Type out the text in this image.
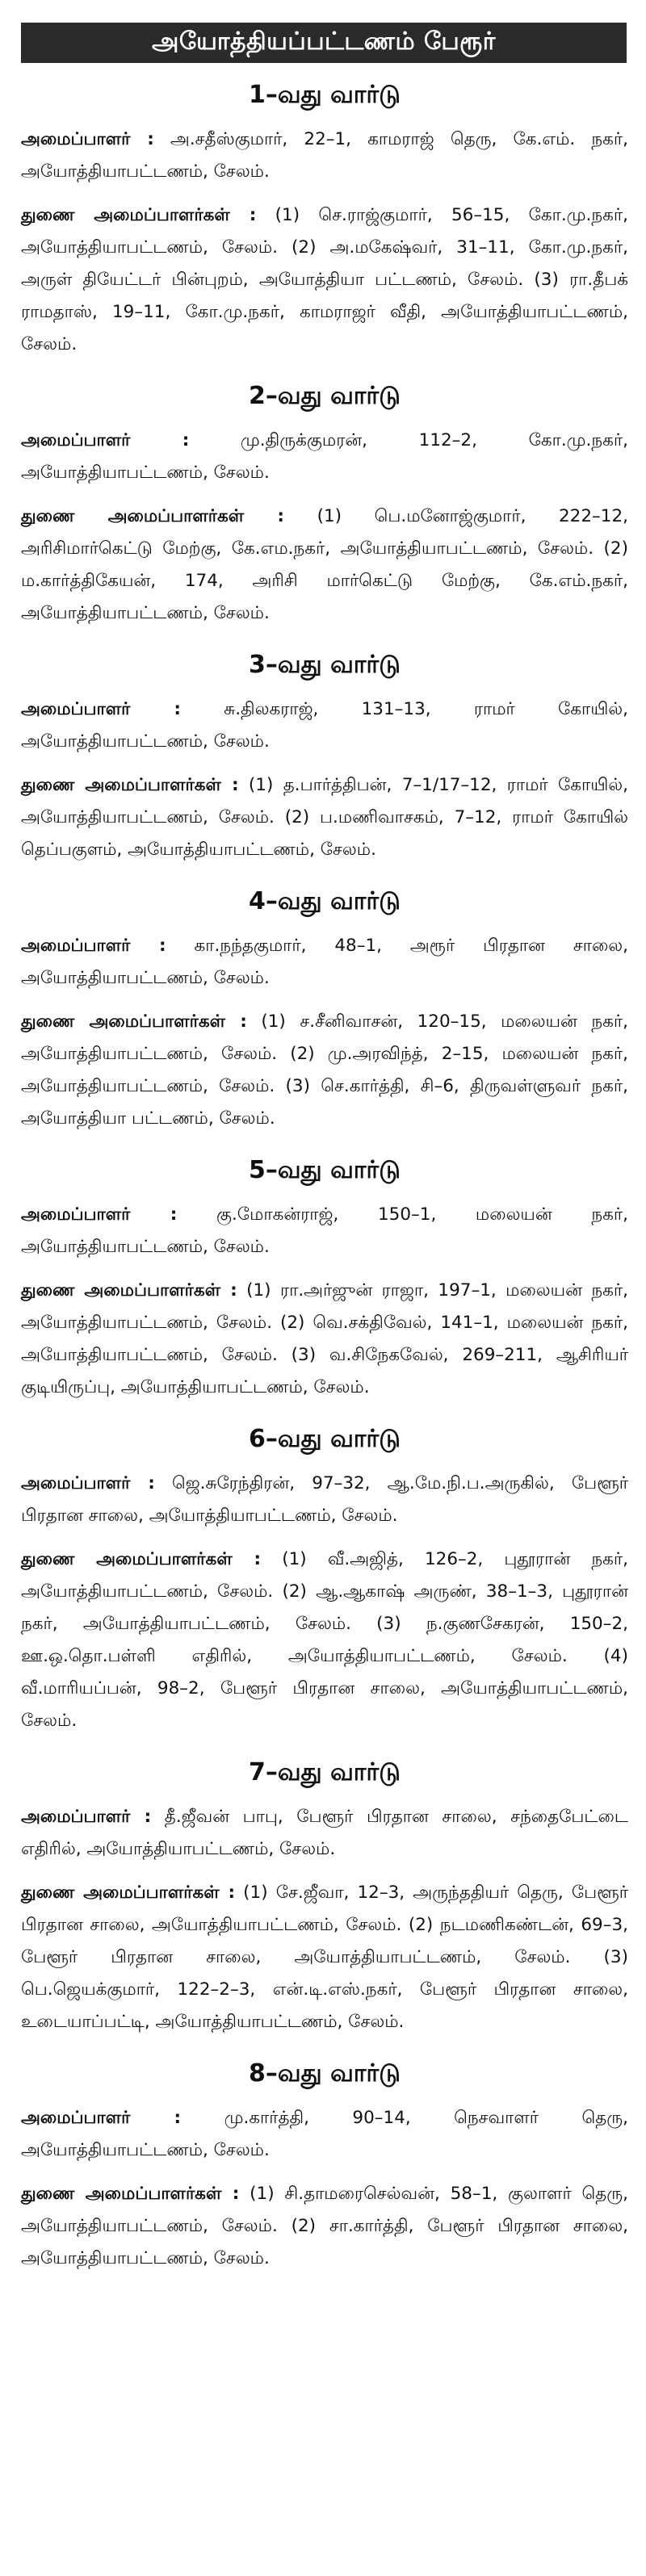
அயோத்தியப்பட்டணம் பேரூர்
1–வது வார்டு

அமைப்பாளர் : அ.சதீஸ்குமார், 22–1, காமராஜ் தெரு, கே.எம். நகர், அயோத்தியாபட்டணம், சேலம்.

துணை அமைப்பாளர்கள் : (1) செ.ராஜ்குமார், 56–15, கோ.மு.நகர், அயோத்தியாபட்டணம், சேலம். (2) அ.மகேஷ்வர், 31–11, கோ.மு.நகர், அருள் தியேட்டர் பின்புறம், அயோத்தியா பட்டணம், சேலம். (3) ரா.தீபக் ராமதாஸ், 19–11, கோ.மு.நகர், காமராஜர் வீதி, அயோத்தியாபட்டணம், சேலம்.

2–வது வார்டு

அமைப்பாளர் : மு.திருக்குமரன், 112–2, கோ.மு.நகர், அயோத்தியாபட்டணம், சேலம்.

துணை அமைப்பாளர்கள் : (1) பெ.மனோஜ்குமார், 222–12, அரிசிமார்கெட்டு மேற்கு, கே.எம.நகர், அயோத்தியாபட்டணம், சேலம். (2) ம.கார்த்திகேயன், 174, அரிசி மார்கெட்டு மேற்கு, கே.எம்.நகர், அயோத்தியாபட்டணம், சேலம்.

3–வது வார்டு

அமைப்பாளர் : சு.திலகராஜ், 131–13, ராமர் கோயில், அயோத்தியாபட்டணம், சேலம்.

துணை அமைப்பாளர்கள் : (1) த.பார்த்திபன், 7–1/17–12, ராமர் கோயில், அயோத்தியாபட்டணம், சேலம். (2) ப.மணிவாசகம், 7–12, ராமர் கோயில் தெப்பகுளம், அயோத்தியாபட்டணம், சேலம்.

4–வது வார்டு

அமைப்பாளர் : கா.நந்தகுமார், 48–1, அரூர் பிரதான சாலை, அயோத்தியாபட்டணம், சேலம்.

துணை அமைப்பாளர்கள் : (1) ச.சீனிவாசன், 120–15, மலையன் நகர், அயோத்தியாபட்டணம், சேலம். (2) மு.அரவிந்த், 2–15, மலையன் நகர், அயோத்தியாபட்டணம், சேலம். (3) செ.கார்த்தி, சி–6, திருவள்ளுவர் நகர், அயோத்தியா பட்டணம், சேலம்.

5–வது வார்டு

அமைப்பாளர் : கு.மோகன்ராஜ், 150–1, மலையன் நகர், அயோத்தியாபட்டணம், சேலம்.

துணை அமைப்பாளர்கள் : (1) ரா.அர்ஜுன் ராஜா, 197–1, மலையன் நகர், அயோத்தியாபட்டணம், சேலம். (2) வெ.சக்திவேல், 141–1, மலையன் நகர், அயோத்தியாபட்டணம், சேலம். (3) வ.சிநேகவேல், 269–211, ஆசிரியர் குடியிருப்பு, அயோத்தியாபட்டணம், சேலம்.

6–வது வார்டு

அமைப்பாளர் : ஜெ.சுரேந்திரன், 97–32, ஆ.மே.நி.ப.அருகில், பேளூர் பிரதான சாலை, அயோத்தியாபட்டணம், சேலம்.

துணை அமைப்பாளர்கள் : (1) வீ.அஜித், 126–2, புதூரான் நகர், அயோத்தியாபட்டணம், சேலம். (2) ஆ.ஆகாஷ் அருண், 38–1–3, புதூரான் நகர், அயோத்தியாபட்டணம், சேலம். (3) ந.குணசேகரன், 150–2, ஊ.ஒ.தொ.பள்ளி எதிரில், அயோத்தியாபட்டணம், சேலம். (4) வீ.மாரியப்பன், 98–2, பேளூர் பிரதான சாலை, அயோத்தியாபட்டணம், சேலம்.

7–வது வார்டு

அமைப்பாளர் : தீ.ஜீவன் பாபு, பேளூர் பிரதான சாலை, சந்தைபேட்டை எதிரில், அயோத்தியாபட்டணம், சேலம்.

துணை அமைப்பாளர்கள் : (1) சே.ஜீவா, 12–3, அருந்ததியர் தெரு, பேளூர் பிரதான சாலை, அயோத்தியாபட்டணம், சேலம். (2) நடமணிகண்டன், 69–3, பேளூர் பிரதான சாலை, அயோத்தியாபட்டணம், சேலம். (3) பெ.ஜெயக்குமார், 122–2–3, என்.டி.எஸ்.நகர், பேளூர் பிரதான சாலை, உடையாப்பட்டி, அயோத்தியாபட்டணம், சேலம்.

8–வது வார்டு

அமைப்பாளர் : மு.கார்த்தி, 90–14, நெசவாளர் தெரு, அயோத்தியாபட்டணம், சேலம்.

துணை அமைப்பாளர்கள் : (1) சி.தாமரைசெல்வன், 58–1, குலாளர் தெரு, அயோத்தியாபட்டணம், சேலம். (2) சா.கார்த்தி, பேளூர் பிரதான சாலை, அயோத்தியாபட்டணம், சேலம்.
